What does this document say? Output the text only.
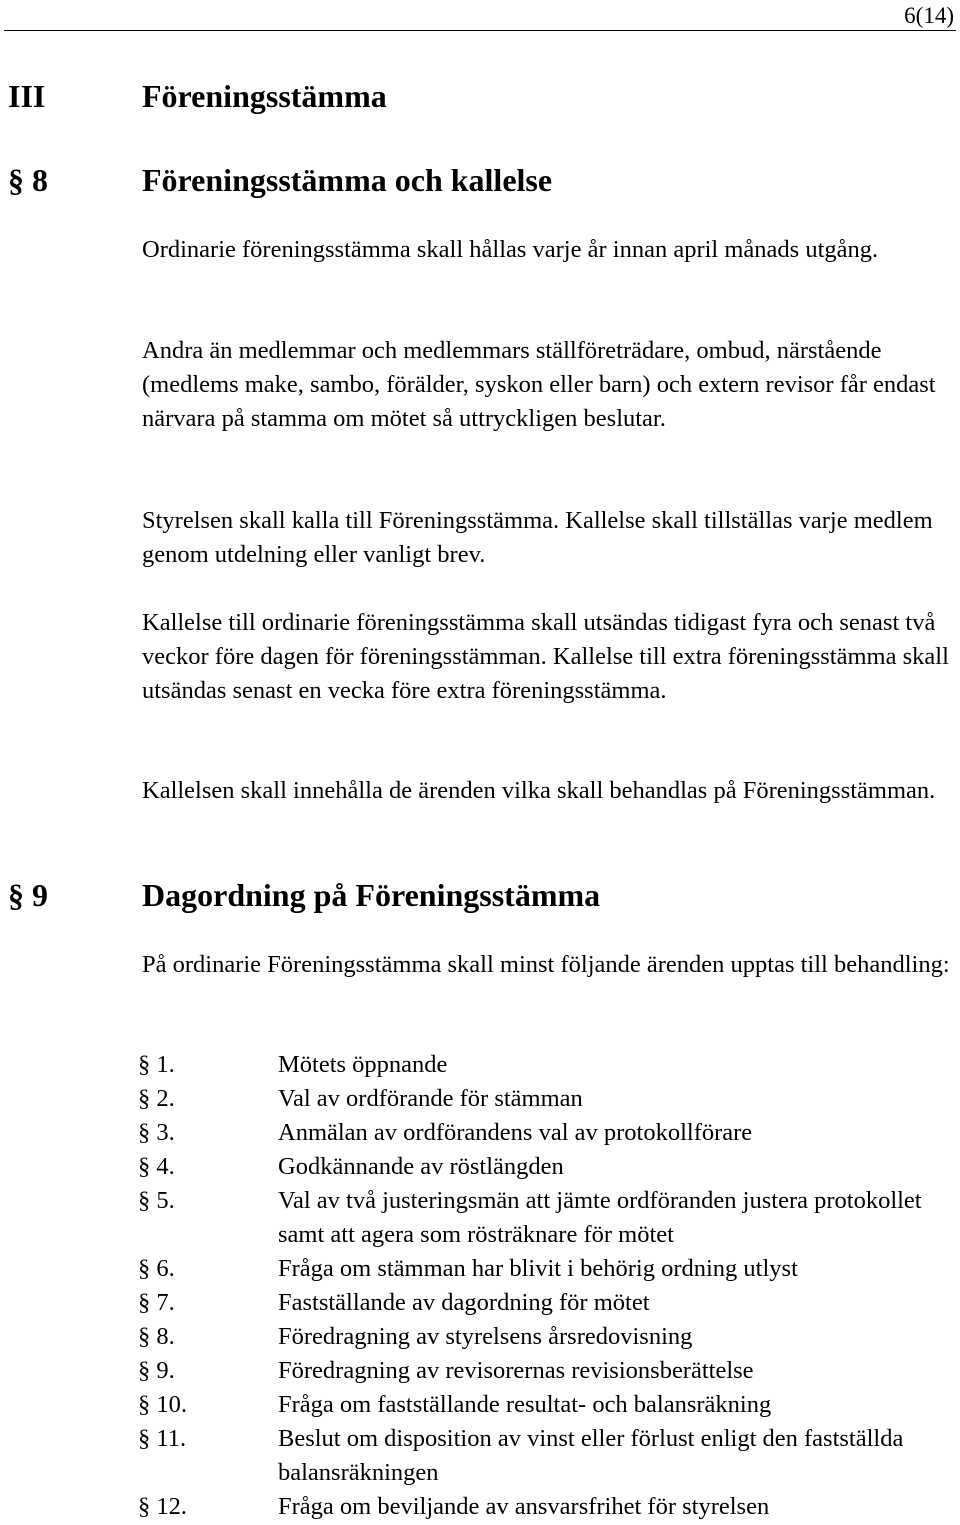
6(14)
III	Föreningsstämma
§ 8	Föreningsstämma och kallelse
Ordinarie föreningsstämma skall hållas varje år innan april månads utgång.
Andra än medlemmar och medlemmars ställföreträdare, ombud, närstående (medlems make, sambo, förälder, syskon eller barn) och extern revisor får endast närvara på stamma om mötet så uttryckligen beslutar.
Styrelsen skall kalla till Föreningsstämma. Kallelse skall tillställas varje medlem genom utdelning eller vanligt brev.
Kallelse till ordinarie föreningsstämma skall utsändas tidigast fyra och senast två veckor före dagen för föreningsstämman. Kallelse till extra föreningsstämma skall utsändas senast en vecka före extra föreningsstämma.
Kallelsen skall innehålla de ärenden vilka skall behandlas på Föreningsstämman.
§ 9	Dagordning på Föreningsstämma
På ordinarie Föreningsstämma skall minst följande ärenden upptas till behandling:
§ 1.	Mötets öppnande
§ 2.	Val av ordförande för stämman
§ 3.	Anmälan av ordförandens val av protokollförare
§ 4.	Godkännande av röstlängden
§ 5.	Val av två justeringsmän att jämte ordföranden justera protokollet samt att agera som rösträknare för mötet
§ 6.	Fråga om stämman har blivit i behörig ordning utlyst
§ 7.	Fastställande av dagordning för mötet
§ 8.	Föredragning av styrelsens årsredovisning
§ 9.	Föredragning av revisorernas revisionsberättelse
§ 10.	Fråga om fastställande resultat- och balansräkning
§ 11.	Beslut om disposition av vinst eller förlust enligt den fastställda balansräkningen
§ 12.	Fråga om beviljande av ansvarsfrihet för styrelsen
